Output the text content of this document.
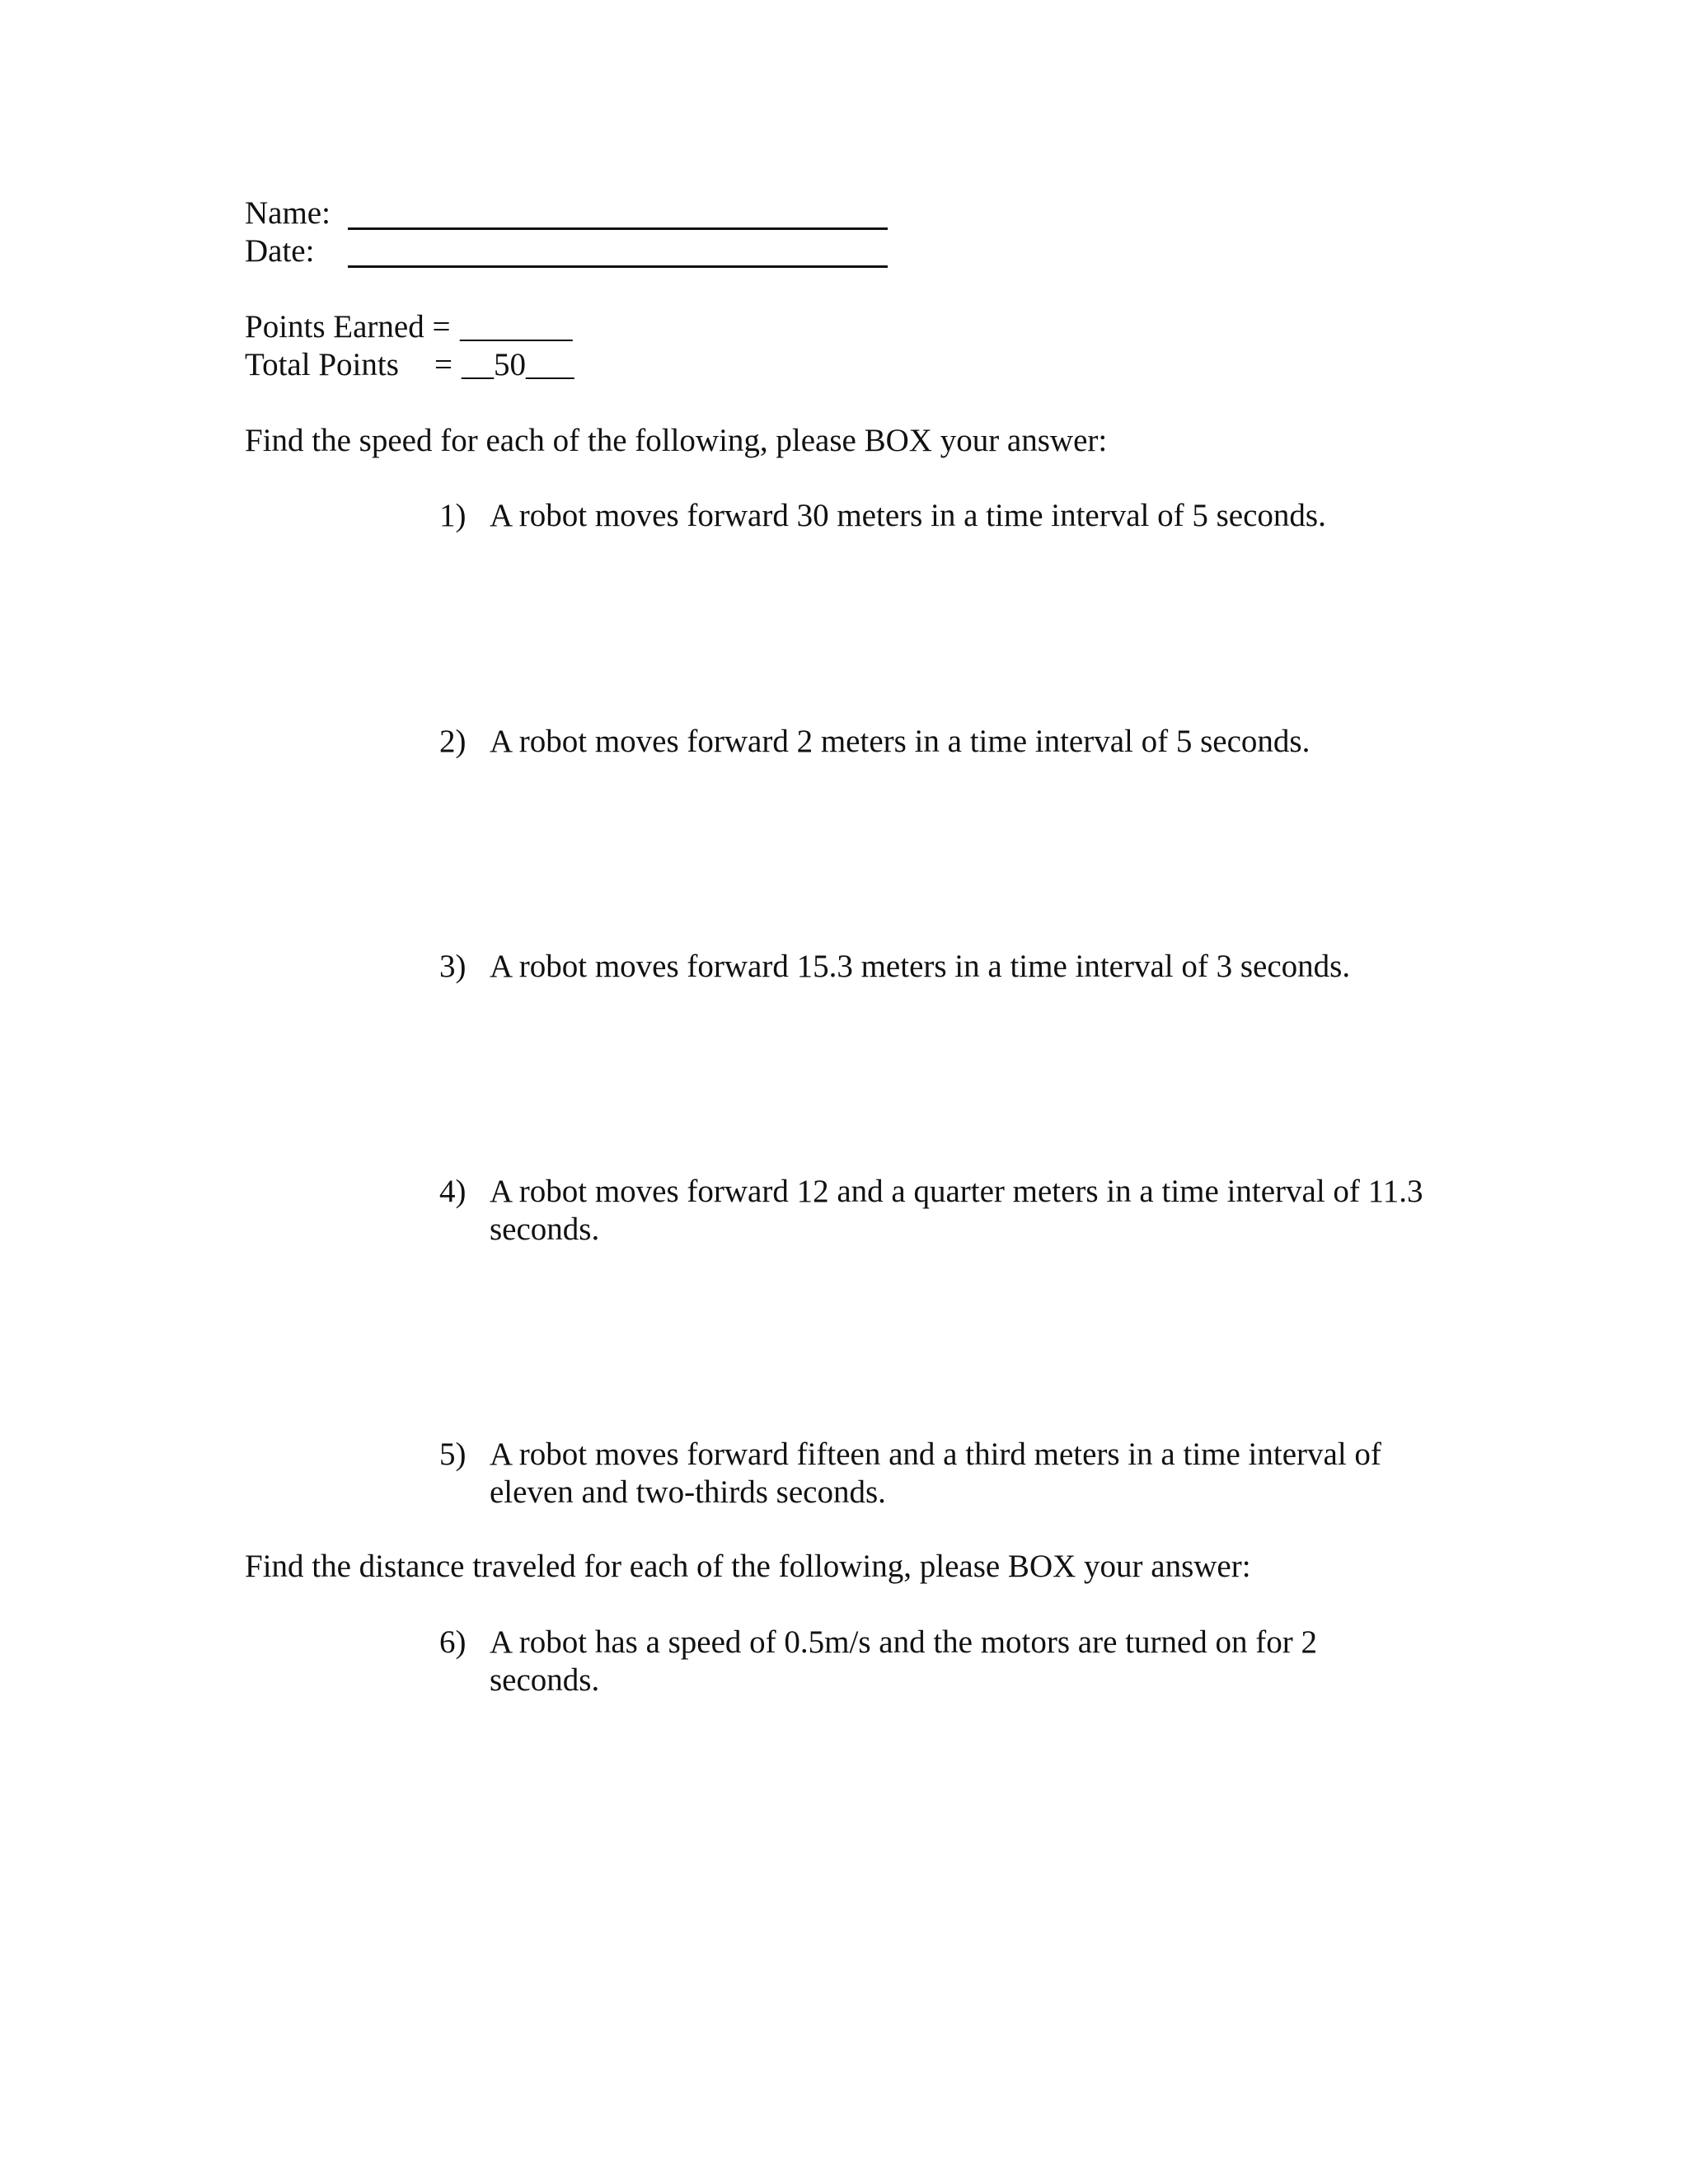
Name:
Date:
Points Earned = _______
Total Points = __50___
Find the speed for each of the following, please BOX your answer:
1) A robot moves forward 30 meters in a time interval of 5 seconds.
2) A robot moves forward 2 meters in a time interval of 5 seconds.
3) A robot moves forward 15.3 meters in a time interval of 3 seconds.
4) A robot moves forward 12 and a quarter meters in a time interval of 11.3 seconds.
5) A robot moves forward fifteen and a third meters in a time interval of eleven and two-thirds seconds.
Find the distance traveled for each of the following, please BOX your answer:
6) A robot has a speed of 0.5m/s and the motors are turned on for 2 seconds.
